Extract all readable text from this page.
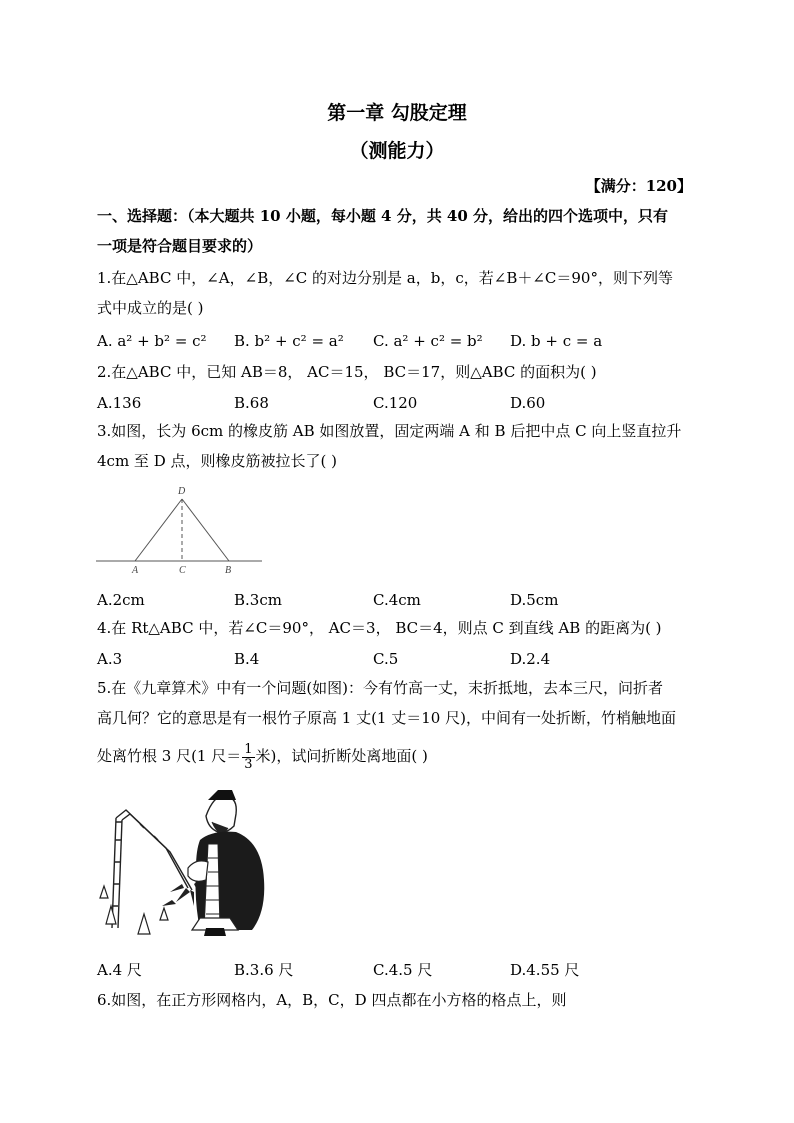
第一章 勾股定理
（测能力）
【满分：120】
一、选择题：（本大题共 10 小题，每小题 4 分，共 40 分，给出的四个选项中，只有
一项是符合题目要求的）
1.在△ABC 中，∠A，∠B，∠C 的对边分别是 a，b，c，若∠B＋∠C＝90°，则下列等
式中成立的是( )
A. a² + b² = c² B. b² + c² = a² C. a² + c² = b² D. b + c = a
2.在△ABC 中，已知 AB＝8， AC＝15， BC＝17，则△ABC 的面积为( )
A.136	B.68	C.120	D.60
3.如图，长为 6cm 的橡皮筋 AB 如图放置，固定两端 A 和 B 后把中点 C 向上竖直拉升
4cm 至 D 点，则橡皮筋被拉长了( )
D
A	C	B
A.2cm	B.3cm	C.4cm	D.5cm
4.在 Rt△ABC 中，若∠C＝90°， AC＝3， BC＝4，则点 C 到直线 AB 的距离为( )
A.3	B.4	C.5	D.2.4
5.在《九章算术》中有一个问题(如图)：今有竹高一丈，末折抵地，去本三尺，问折者
高几何？它的意思是有一根竹子原高 1 丈(1 丈＝10 尺)，中间有一处折断，竹梢触地面
处离竹根 3 尺(1 尺＝ $\frac{1}{3}$ 米)，试问折断处离地面( )
A.4 尺	B.3.6 尺	C.4.5 尺	D.4.55 尺
6.如图，在正方形网格内，A，B，C，D 四点都在小方格的格点上，则
